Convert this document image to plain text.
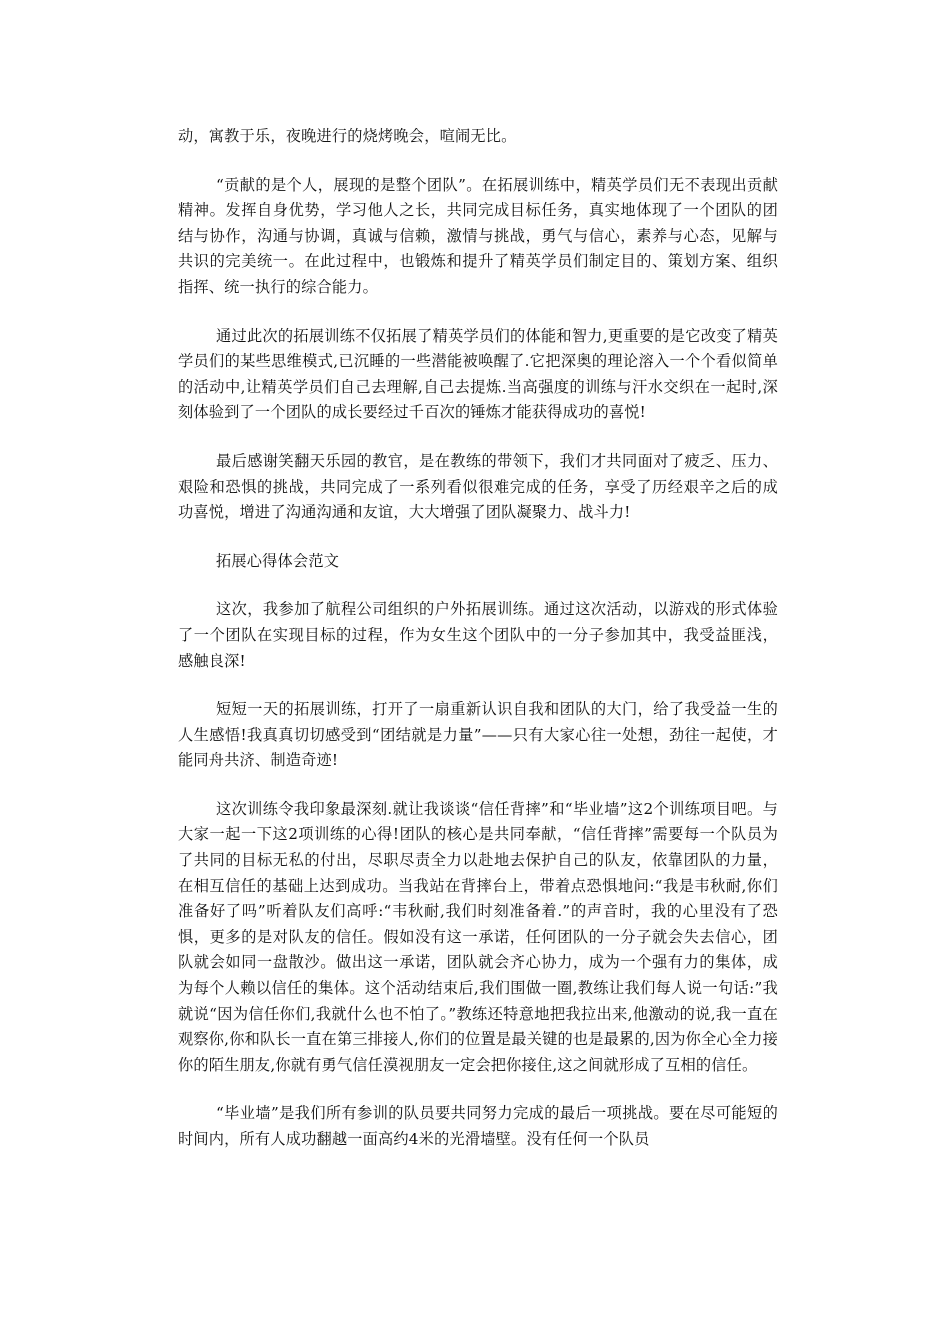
动，寓教于乐，夜晚进行的烧烤晚会，喧闹无比。

“贡献的是个人，展现的是整个团队”。在拓展训练中，精英学员们无不表现出贡献精神。发挥自身优势，学习他人之长，共同完成目标任务，真实地体现了一个团队的团结与协作，沟通与协调，真诚与信赖，激情与挑战，勇气与信心，素养与心态，见解与共识的完美统一。在此过程中，也锻炼和提升了精英学员们制定目的、策划方案、组织指挥、统一执行的综合能力。

通过此次的拓展训练不仅拓展了精英学员们的体能和智力,更重要的是它改变了精英学员们的某些思维模式,已沉睡的一些潜能被唤醒了.它把深奥的理论溶入一个个看似简单的活动中,让精英学员们自己去理解,自己去提炼.当高强度的训练与汗水交织在一起时,深刻体验到了一个团队的成长要经过千百次的锤炼才能获得成功的喜悦!

最后感谢笑翻天乐园的教官，是在教练的带领下，我们才共同面对了疲乏、压力、艰险和恐惧的挑战，共同完成了一系列看似很难完成的任务，享受了历经艰辛之后的成功喜悦，增进了沟通沟通和友谊，大大增强了团队凝聚力、战斗力!

拓展心得体会范文

这次，我参加了航程公司组织的户外拓展训练。通过这次活动，以游戏的形式体验了一个团队在实现目标的过程，作为女生这个团队中的一分子参加其中，我受益匪浅，感触良深!

短短一天的拓展训练，打开了一扇重新认识自我和团队的大门，给了我受益一生的人生感悟!我真真切切感受到“团结就是力量”——只有大家心往一处想，劲往一起使，才能同舟共济、制造奇迹!

这次训练令我印象最深刻.就让我谈谈“信任背摔”和“毕业墙”这2个训练项目吧。与大家一起一下这2项训练的心得!团队的核心是共同奉献，“信任背摔”需要每一个队员为了共同的目标无私的付出，尽职尽责全力以赴地去保护自己的队友，依靠团队的力量，在相互信任的基础上达到成功。当我站在背摔台上，带着点恐惧地问:“我是韦秋耐,你们准备好了吗”听着队友们高呼:“韦秋耐,我们时刻准备着.”的声音时，我的心里没有了恐惧，更多的是对队友的信任。假如没有这一承诺，任何团队的一分子就会失去信心，团队就会如同一盘散沙。做出这一承诺，团队就会齐心协力，成为一个强有力的集体，成为每个人赖以信任的集体。这个活动结束后,我们围做一圈,教练让我们每人说一句话:”我就说“因为信任你们,我就什么也不怕了。”教练还特意地把我拉出来,他激动的说,我一直在观察你,你和队长一直在第三排接人,你们的位置是最关键的也是最累的,因为你全心全力接你的陌生朋友,你就有勇气信任漠视朋友一定会把你接住,这之间就形成了互相的信任。

“毕业墙”是我们所有参训的队员要共同努力完成的最后一项挑战。要在尽可能短的时间内，所有人成功翻越一面高约4米的光滑墙壁。没有任何一个队员
